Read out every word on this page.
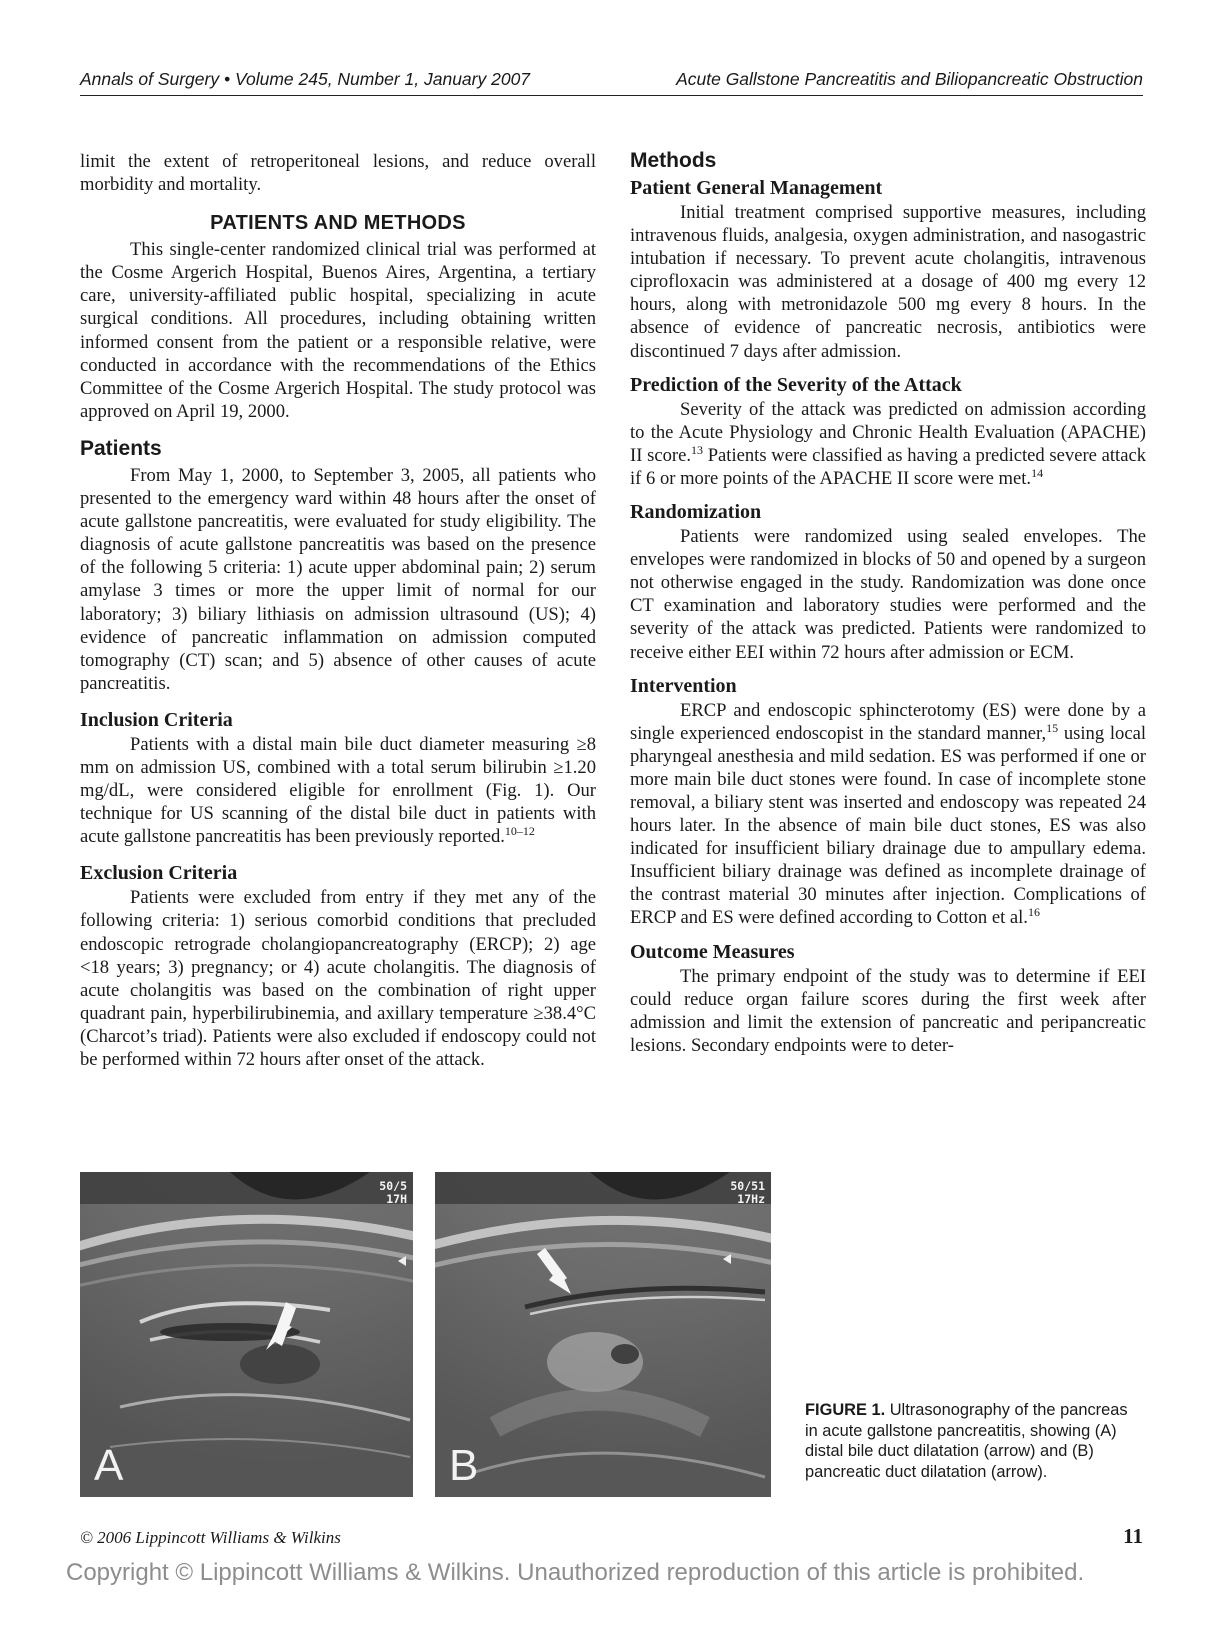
Annals of Surgery • Volume 245, Number 1, January 2007	Acute Gallstone Pancreatitis and Biliopancreatic Obstruction

limit the extent of retroperitoneal lesions, and reduce overall morbidity and mortality.

PATIENTS AND METHODS

This single-center randomized clinical trial was performed at the Cosme Argerich Hospital, Buenos Aires, Argentina, a tertiary care, university-affiliated public hospital, specializing in acute surgical conditions. All procedures, including obtaining written informed consent from the patient or a responsible relative, were conducted in accordance with the recommendations of the Ethics Committee of the Cosme Argerich Hospital. The study protocol was approved on April 19, 2000.

Patients

From May 1, 2000, to September 3, 2005, all patients who presented to the emergency ward within 48 hours after the onset of acute gallstone pancreatitis, were evaluated for study eligibility. The diagnosis of acute gallstone pancreatitis was based on the presence of the following 5 criteria: 1) acute upper abdominal pain; 2) serum amylase 3 times or more the upper limit of normal for our laboratory; 3) biliary lithiasis on admission ultrasound (US); 4) evidence of pancreatic inflammation on admission computed tomography (CT) scan; and 5) absence of other causes of acute pancreatitis.

Inclusion Criteria

Patients with a distal main bile duct diameter measuring ≥8 mm on admission US, combined with a total serum bilirubin ≥1.20 mg/dL, were considered eligible for enrollment (Fig. 1). Our technique for US scanning of the distal bile duct in patients with acute gallstone pancreatitis has been previously reported.$^{10-12}$

Exclusion Criteria

Patients were excluded from entry if they met any of the following criteria: 1) serious comorbid conditions that precluded endoscopic retrograde cholangiopancreatography (ERCP); 2) age <18 years; 3) pregnancy; or 4) acute cholangitis. The diagnosis of acute cholangitis was based on the combination of right upper quadrant pain, hyperbilirubinemia, and axillary temperature ≥38.4°C (Charcot’s triad). Patients were also excluded if endoscopy could not be performed within 72 hours after onset of the attack.

Methods
Patient General Management

Initial treatment comprised supportive measures, including intravenous fluids, analgesia, oxygen administration, and nasogastric intubation if necessary. To prevent acute cholangitis, intravenous ciprofloxacin was administered at a dosage of 400 mg every 12 hours, along with metronidazole 500 mg every 8 hours. In the absence of evidence of pancreatic necrosis, antibiotics were discontinued 7 days after admission.

Prediction of the Severity of the Attack

Severity of the attack was predicted on admission according to the Acute Physiology and Chronic Health Evaluation (APACHE) II score.$^{13}$ Patients were classified as having a predicted severe attack if 6 or more points of the APACHE II score were met.$^{14}$

Randomization

Patients were randomized using sealed envelopes. The envelopes were randomized in blocks of 50 and opened by a surgeon not otherwise engaged in the study. Randomization was done once CT examination and laboratory studies were performed and the severity of the attack was predicted. Patients were randomized to receive either EEI within 72 hours after admission or ECM.

Intervention

ERCP and endoscopic sphincterotomy (ES) were done by a single experienced endoscopist in the standard manner,$^{15}$ using local pharyngeal anesthesia and mild sedation. ES was performed if one or more main bile duct stones were found. In case of incomplete stone removal, a biliary stent was inserted and endoscopy was repeated 24 hours later. In the absence of main bile duct stones, ES was also indicated for insufficient biliary drainage due to ampullary edema. Insufficient biliary drainage was defined as incomplete drainage of the contrast material 30 minutes after injection. Complications of ERCP and ES were defined according to Cotton et al.$^{16}$

Outcome Measures

The primary endpoint of the study was to determine if EEI could reduce organ failure scores during the first week after admission and limit the extension of pancreatic and peripancreatic lesions. Secondary endpoints were to deter-

50/5
17H
A
50/51
17Hz
B
FIGURE 1. Ultrasonography of the pancreas in acute gallstone pancreatitis, showing (A) distal bile duct dilatation (arrow) and (B) pancreatic duct dilatation (arrow).
© 2006 Lippincott Williams & Wilkins	11
Copyright © Lippincott Williams & Wilkins. Unauthorized reproduction of this article is prohibited.
